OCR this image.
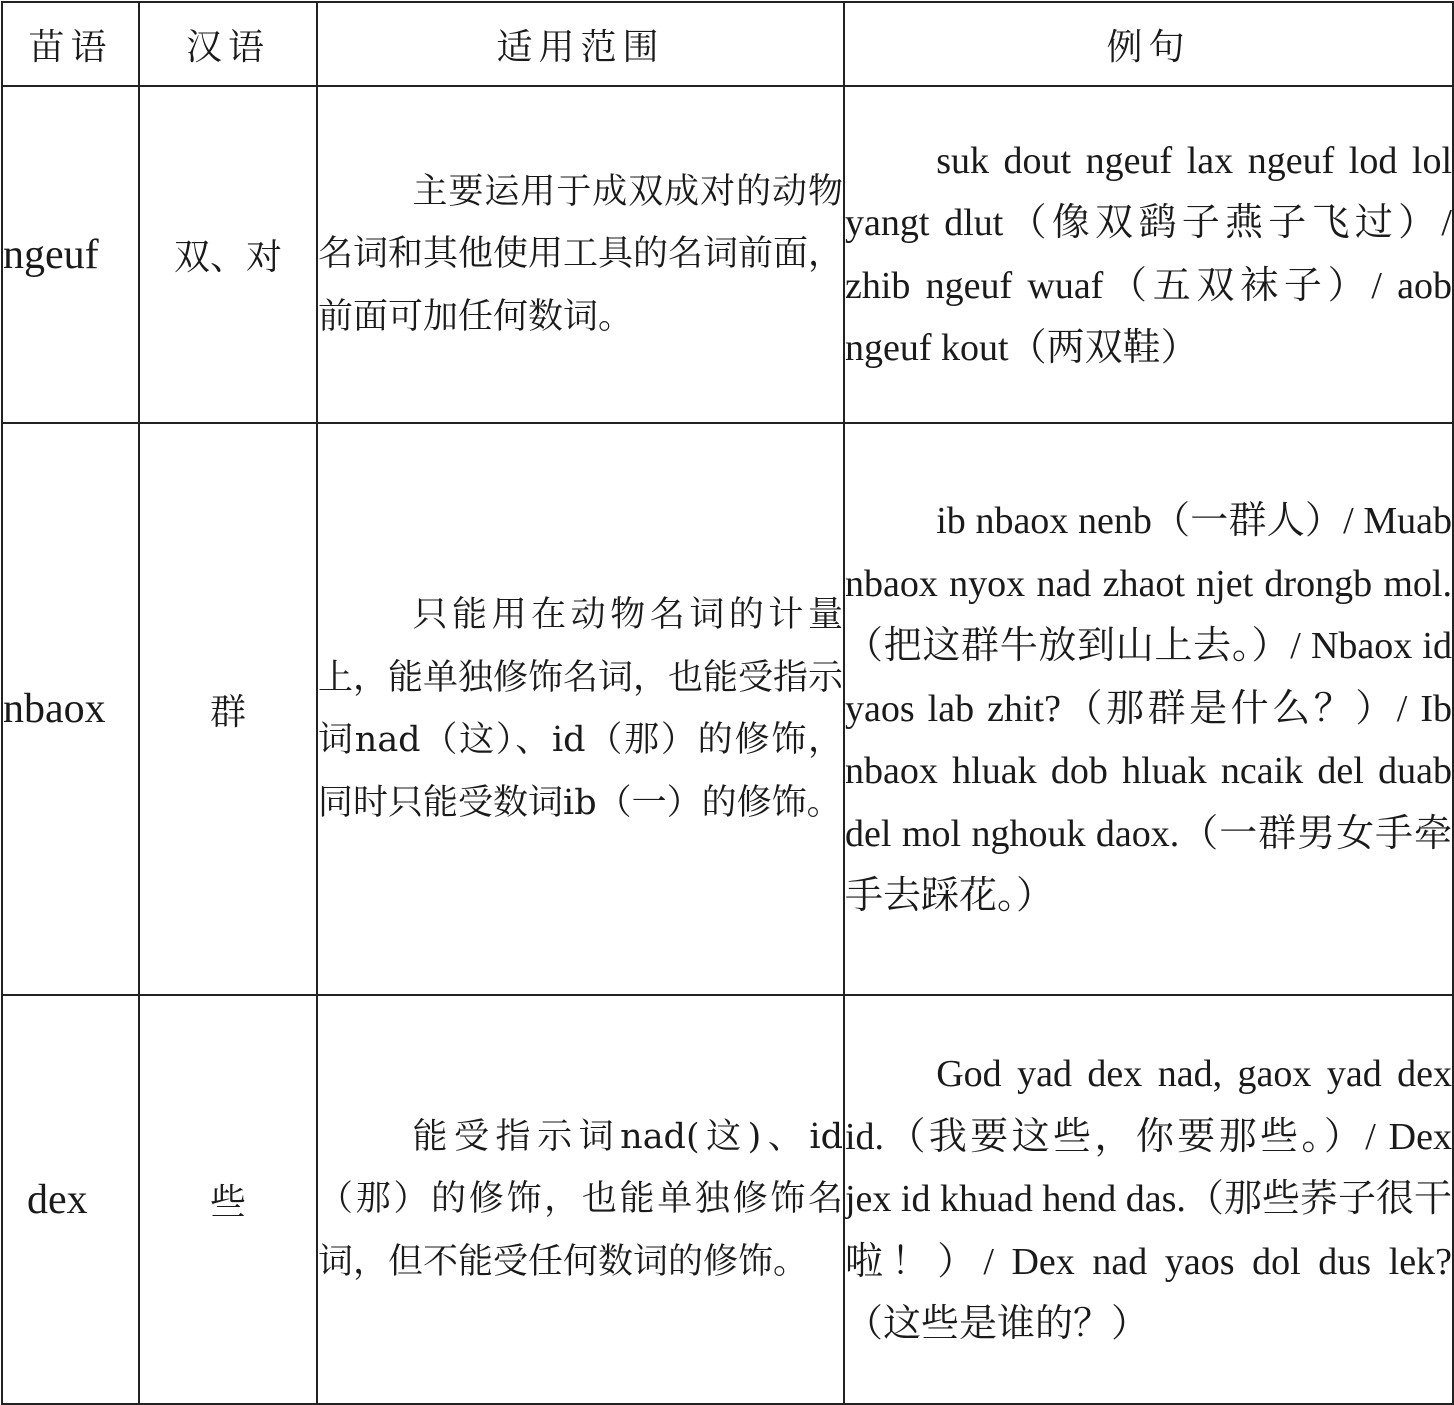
苗语	汉语	适用范围	例句
ngeuf	双、对	主要运用于成双成对的动物名词和其他使用工具的名词前面，前面可加任何数词。	suk dout ngeuf lax ngeuf lod lol yangt dlut（像双鹞子燕子飞过）/ zhib ngeuf wuaf（五双袜子）/ aob ngeuf kout（两双鞋）

nbaox	群	只能用在动物名词的计量上，能单独修饰名词，也能受指示词nad（这）、id（那）的修饰，同时只能受数词ib（一）的修饰。	ib nbaox nenb（一群人）/ Muab nbaox nyox nad zhaot njet drongb mol.（把这群牛放到山上去。）/ Nbaox id yaos lab zhit?（那群是什么？）/ Ib nbaox hluak dob hluak ncaik del duab del mol nghouk daox.（一群男女手牵手去踩花。）

dex	些	能受指示词nad(这)、id（那）的修饰，也能单独修饰名词，但不能受任何数词的修饰。	God yad dex nad, gaox yad dex id.（我要这些，你要那些。）/ Dex jex id khuad hend das.（那些荞子很干啦！）/ Dex nad yaos dol dus lek?（这些是谁的？）
